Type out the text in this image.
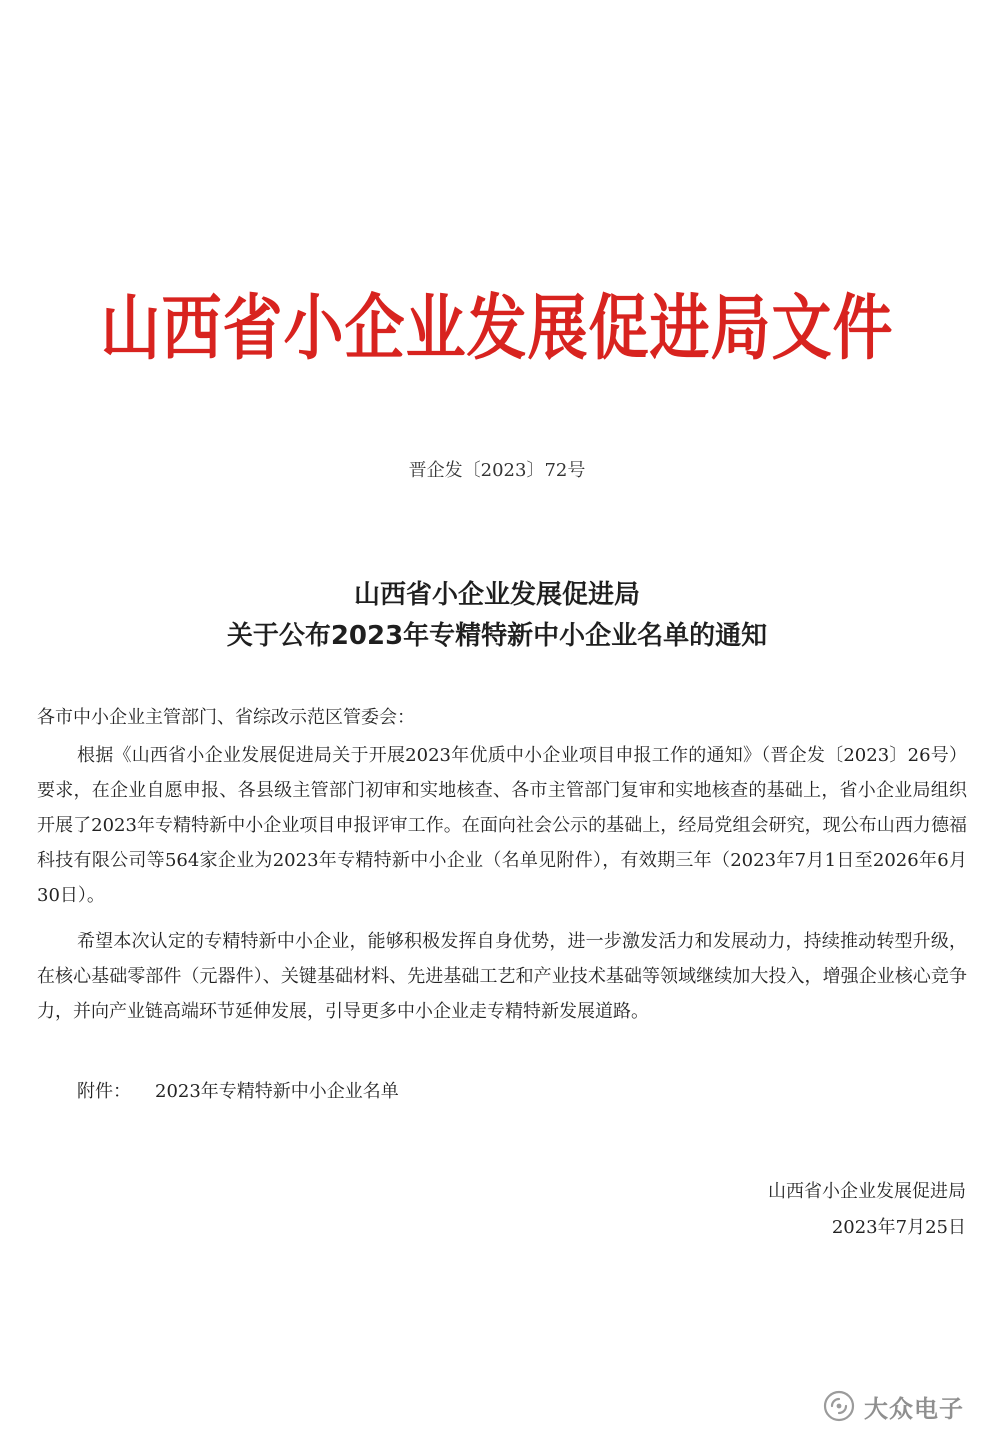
山西省小企业发展促进局文件
晋企发〔2023〕72号
山西省小企业发展促进局
关于公布2023年专精特新中小企业名单的通知
各市中小企业主管部门、省综改示范区管委会：
根据《山西省小企业发展促进局关于开展2023年优质中小企业项目申报工作的通知》（晋企发〔2023〕26号）要求，在企业自愿申报、各县级主管部门初审和实地核查、各市主管部门复审和实地核查的基础上，省小企业局组织开展了2023年专精特新中小企业项目申报评审工作。在面向社会公示的基础上，经局党组会研究，现公布山西力德福科技有限公司等564家企业为2023年专精特新中小企业（名单见附件），有效期三年（2023年7月1日至2026年6月30日）。
希望本次认定的专精特新中小企业，能够积极发挥自身优势，进一步激发活力和发展动力，持续推动转型升级，在核心基础零部件（元器件）、关键基础材料、先进基础工艺和产业技术基础等领域继续加大投入，增强企业核心竞争力，并向产业链高端环节延伸发展，引导更多中小企业走专精特新发展道路。
附件： 2023年专精特新中小企业名单
山西省小企业发展促进局
2023年7月25日
大众电子
